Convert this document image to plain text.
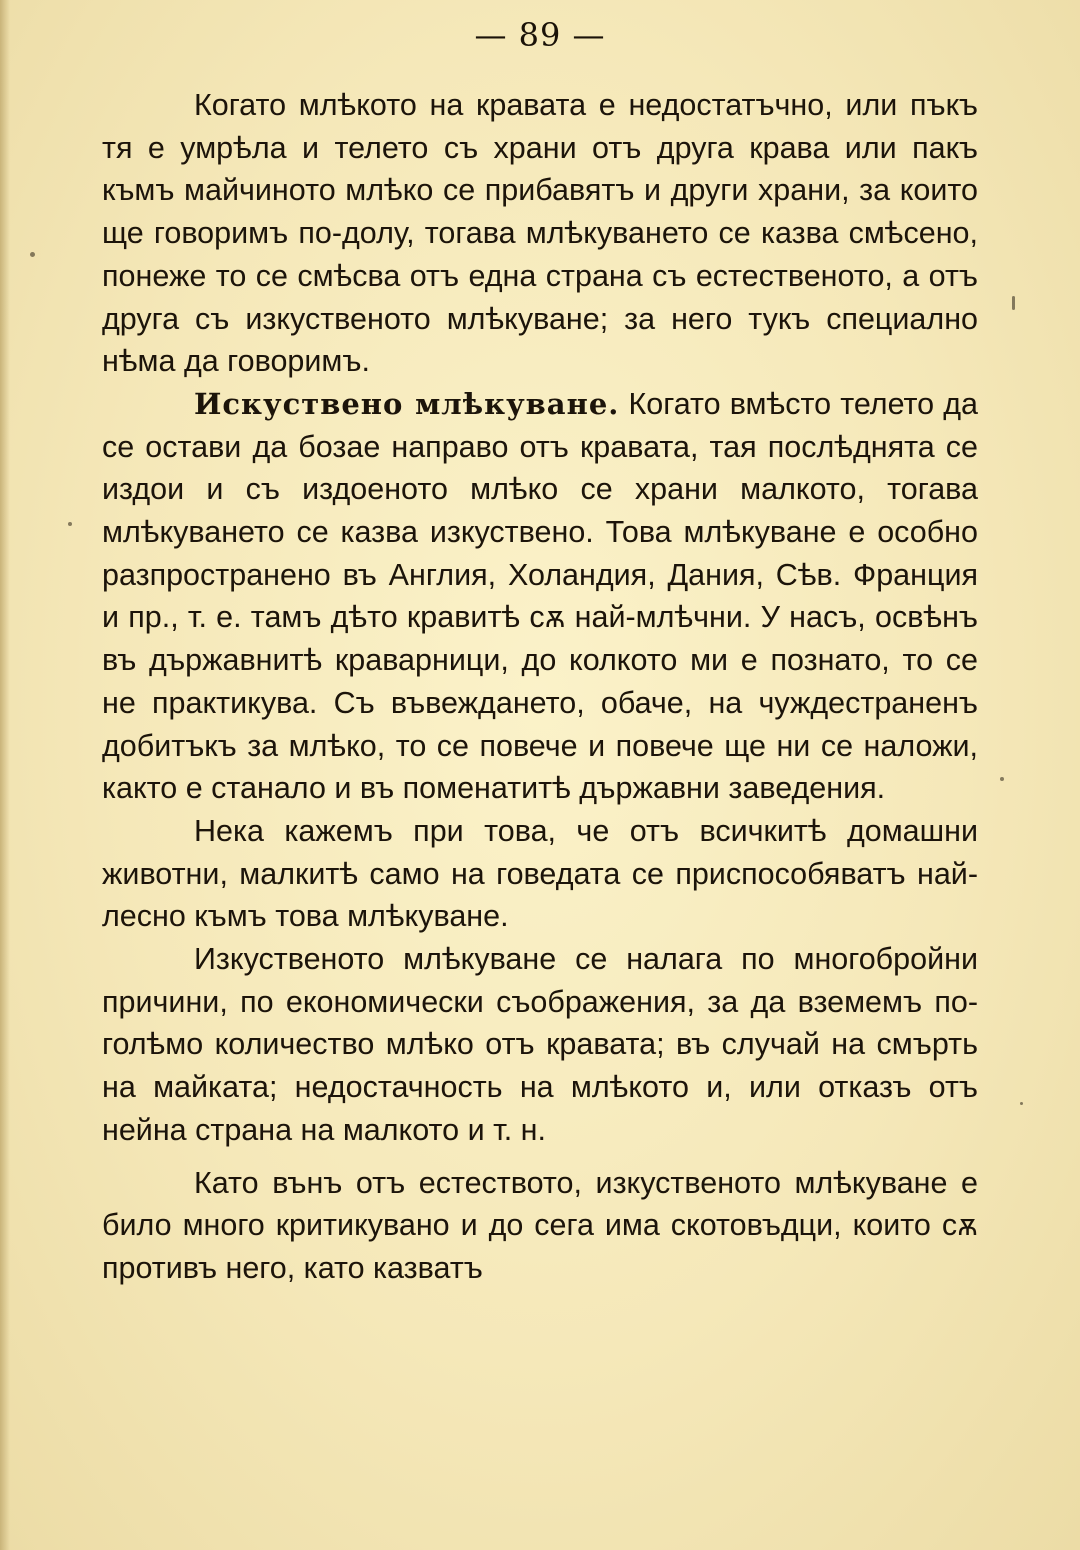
— 89 —

Когато млѣкото на кравата е недостатъчно, или пъкъ тя е умрѣла и телето съ храни отъ друга крава или пакъ къмъ майчиното млѣко се прибавятъ и други храни, за които ще говоримъ по-долу, тогава млѣкуването се казва смѣсено, понеже то се смѣсва отъ една страна съ естественото, а отъ друга съ изкуственото млѣкуване; за него тукъ специално нѣма да говоримъ.

Искуствено млѣкуване. Когато вмѣсто телето да се остави да бозае направо отъ кравата, тая послѣднята се издои и съ издоеното млѣко се храни малкото, тогава млѣкуването се казва изкуствено. Това млѣкуване е особно разпространено въ Англия, Холандия, Дания, Сѣв. Франция и пр., т. е. тамъ дѣто кравитѣ сѫ най-млѣчни. У насъ, освѣнъ въ държавнитѣ краварници, до колкото ми е познато, то се не практикува. Съ въвеждането, обаче, на чуждестраненъ добитъкъ за млѣко, то се повече и повече ще ни се наложи, както е станало и въ поменатитѣ държавни заведения.

Нека кажемъ при това, че отъ всичкитѣ домашни животни, малкитѣ само на говедата се приспособяватъ най-лесно къмъ това млѣкуване.

Изкуственото млѣкуване се налага по многобройни причини, по економически съображения, за да вземемъ по-голѣмо количество млѣко отъ кравата; въ случай на смърть на майката; недостачность на млѣкото и, или отказъ отъ нейна страна на малкото и т. н.

Като вънъ отъ естеството, изкуственото млѣкуване е било много критикувано и до сега има скотовъдци, които сѫ противъ него, като казватъ
